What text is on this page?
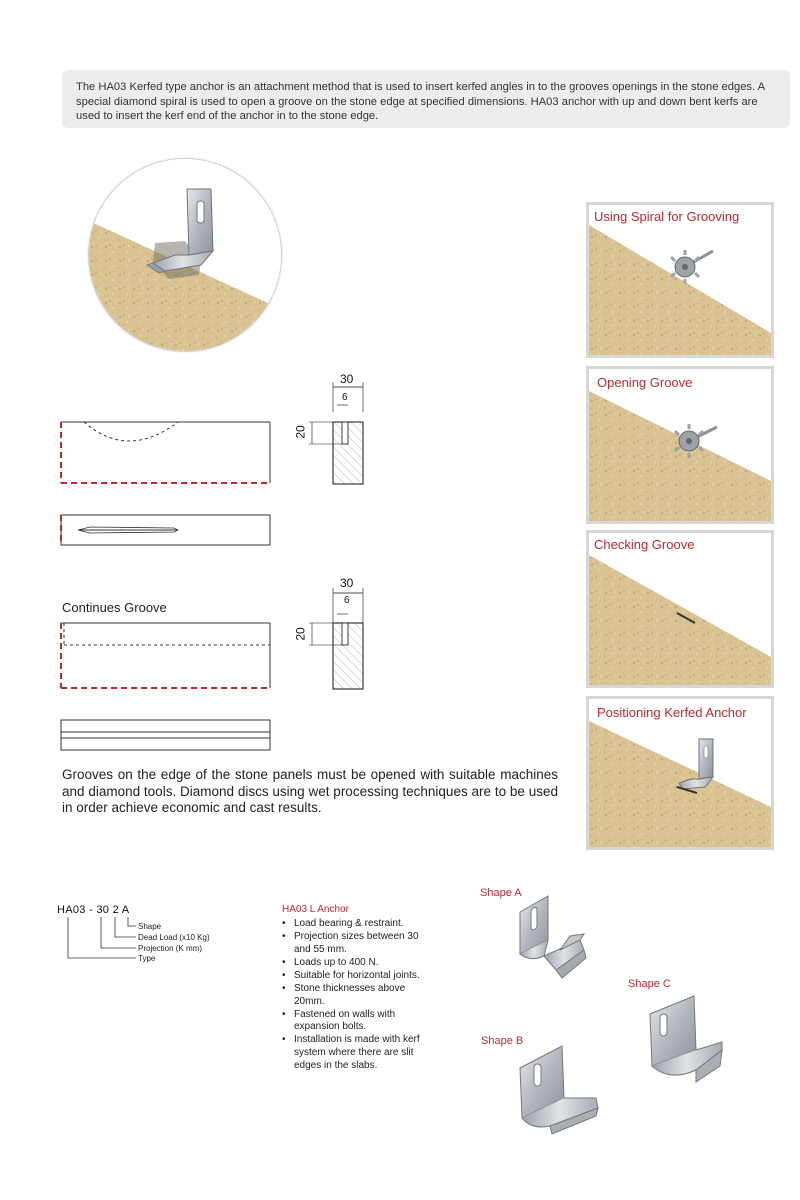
The HA03 Kerfed type anchor is an attachment method that is used to insert kerfed angles in to the grooves openings in the stone edges. A special diamond spiral is used to open a groove on the stone edge at specified dimensions. HA03 anchor with up and down bent kerfs are used to insert the kerf end of the anchor in to the stone edge.
30
6
20
Continues Groove
30
6
20
Using Spiral for Grooving
Opening Groove
Checking Groove
Positioning Kerfed Anchor
Grooves on the edge of the stone panels must be opened with suitable machines and diamond tools. Diamond discs using wet processing techniques are to be used in order achieve economic and cast results.
HA03 - 30 2 A
Shape
Dead Load (x10 Kg)
Projection (K mm)
Type
HA03 L Anchor
• Load bearing & restraint.
• Projection sizes between 30 and 55 mm.
• Loads up to 400 N.
• Suitable for horizontal joints.
• Stone thicknesses above 20mm.
• Fastened on walls with expansion bolts.
• Installation is made with kerf system where there are slit edges in the slabs.
Shape A
Shape C
Shape B
